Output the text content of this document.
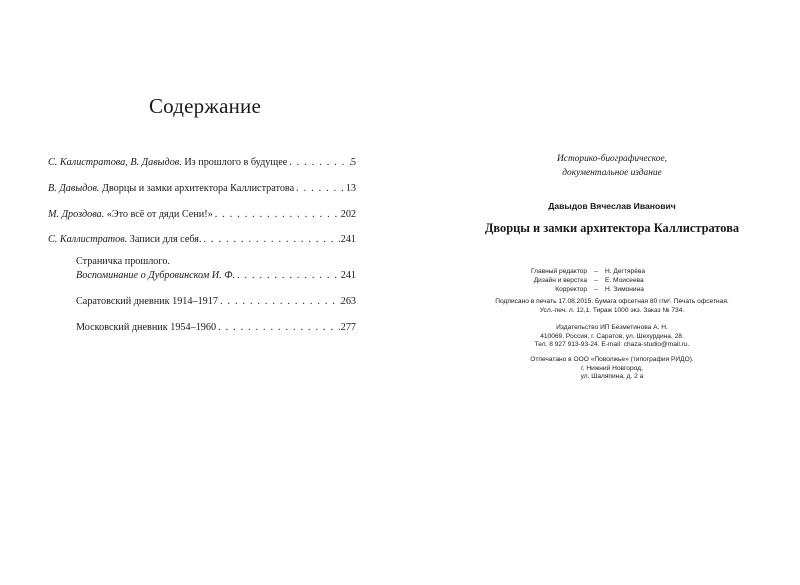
Содержание
С. Калистратова, В. Давыдов. Из прошлого в будущее . . .	5
В. Давыдов. Дворцы и замки архитектора Каллистратова . . .	13
М. Дроздова. «Это всё от дяди Сени!» . . .	202
С. Каллистратов. Записи для себя. . . .	241
Страничка прошлого.
Воспоминание о Дубровинском И. Ф. . . .	241
Саратовский дневник 1914–1917 . . .	263
Московский дневник 1954–1960 . . .	277
Историко-биографическое,
документальное издание
Давыдов Вячеслав Иванович
Дворцы и замки архитектора Каллистратова
Главный редактор	–	Н. Дегтярёва
Дизайн и верстка	–	Е. Моисеева
Корректор	–	Н. Зимонина
Подписано в печать 17.08.2015. Бумага офсетная 80 г/м². Печать офсетная.
Усл.-печ. л. 12,1. Тираж 1000 экз. Заказ № 734.
Издательство ИП Безметинова А. Н.
410069, Россия, г. Саратов, ул. Шехурдина, 28.
Тел. 8 927 913-93-24. E-mail: chaza-studio@mail.ru.
Отпечатано в ООО «Поволжье» (типография РИДО).
г. Нижний Новгород,
ул. Шаляпина, д. 2 а
